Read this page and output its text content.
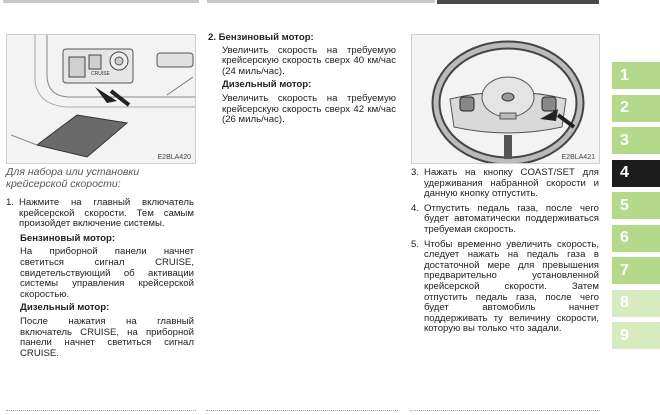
CRUISE
E2BLA420
Для набора или установки крейсерской скорости:
1. Нажмите на главный включатель крейсерской скорости. Тем самым произойдет включение системы.
Бензиновый мотор:
На приборной панели начнет светиться сигнал CRUISE, свидетельствующий об активации системы управления крейсерской скоростью.
Дизельный мотор:
После нажатия на главный включатель CRUISE, на приборной панели начнет светиться сигнал CRUISE.
2. Бензиновый мотор:
Увеличить скорость на требуемую крейсерскую скорость сверх 40 км/час (24 миль/час).
Дизельный мотор:
Увеличить скорость на требуемую крейсерскую скорость сверх 42 км/час (26 миль/час).
E2BLA421
3. Нажать на кнопку COAST/SET для удерживания набранной скорости и данную кнопку отпустить.
4. Отпустить педаль газа, после чего будет автоматически поддерживаться требуемая скорость.
5. Чтобы временно увеличить скорость, следует нажать на педаль газа в достаточной мере для превышения предварительно установленной крейсерской скорости. Затем отпустить педаль газа, после чего будет автомобиль начнет поддерживать ту величину скорости, которую вы только что задали.
1
2
3
4
5
6
7
8
9
